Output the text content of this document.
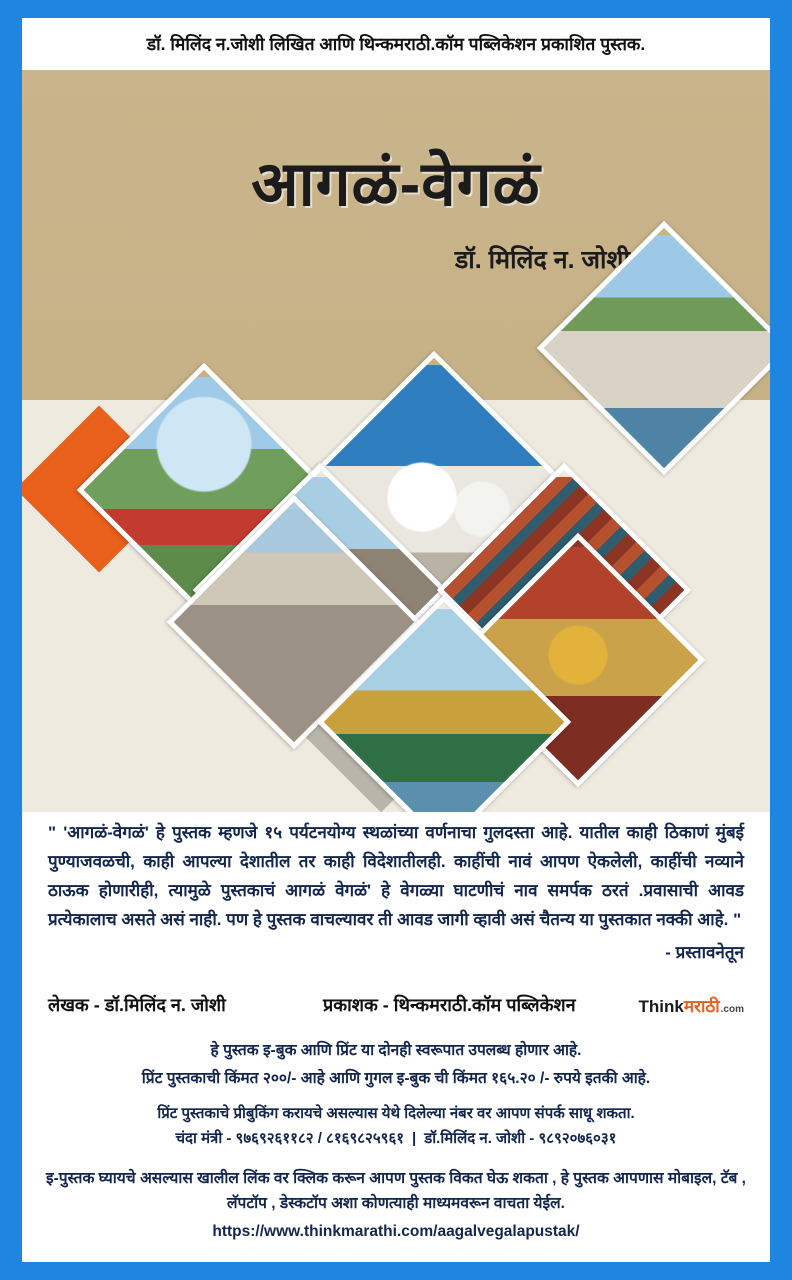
डॉ. मिलिंद न.जोशी लिखित आणि थिन्कमराठी.कॉम पब्लिकेशन प्रकाशित पुस्तक.
आगळं-वेगळं
डॉ. मिलिंद न. जोशी
" 'आगळं-वेगळं' हे पुस्तक म्हणजे १५ पर्यटनयोग्य स्थळांच्या वर्णनाचा गुलदस्ता आहे. यातील काही ठिकाणं मुंबई पुण्याजवळची, काही आपल्या देशातील तर काही विदेशातीलही. काहींची नावं आपण ऐकलेली, काहींची नव्याने ठाऊक होणारीही, त्यामुळे पुस्तकाचं आगळं वेगळं' हे वेगळ्या घाटणीचं नाव समर्पक ठरतं .प्रवासाची आवड प्रत्येकालाच असते असं नाही. पण हे पुस्तक वाचल्यावर ती आवड जागी व्हावी असं चैतन्य या पुस्तकात नक्की आहे. "
- प्रस्तावनेतून
लेखक - डॉ.मिलिंद न. जोशी	प्रकाशक - थिन्कमराठी.कॉम पब्लिकेशन	Think मराठी .com
हे पुस्तक इ-बुक आणि प्रिंट या दोनही स्वरूपात उपलब्ध होणार आहे.
प्रिंट पुस्तकाची किंमत २००/- आहे आणि गुगल इ-बुक ची किंमत १६५.२० /- रुपये इतकी आहे.
प्रिंट पुस्तकाचे प्रीबुकिंग करायचे असल्यास येथे दिलेल्या नंबर वर आपण संपर्क साधू शकता.
चंदा मंत्री - ९७६९२६११८२ / ८१६९८२५९६१ | डॉ.मिलिंद न. जोशी - ९८९२०७६०३१
इ-पुस्तक घ्यायचे असल्यास खालील लिंक वर क्लिक करून आपण पुस्तक विकत घेऊ शकता , हे पुस्तक आपणास मोबाइल, टॅब , लॅपटॉप , डेस्कटॉप अशा कोणत्याही माध्यमवरून वाचता येईल.
https://www.thinkmarathi.com/aagalvegalapustak/
